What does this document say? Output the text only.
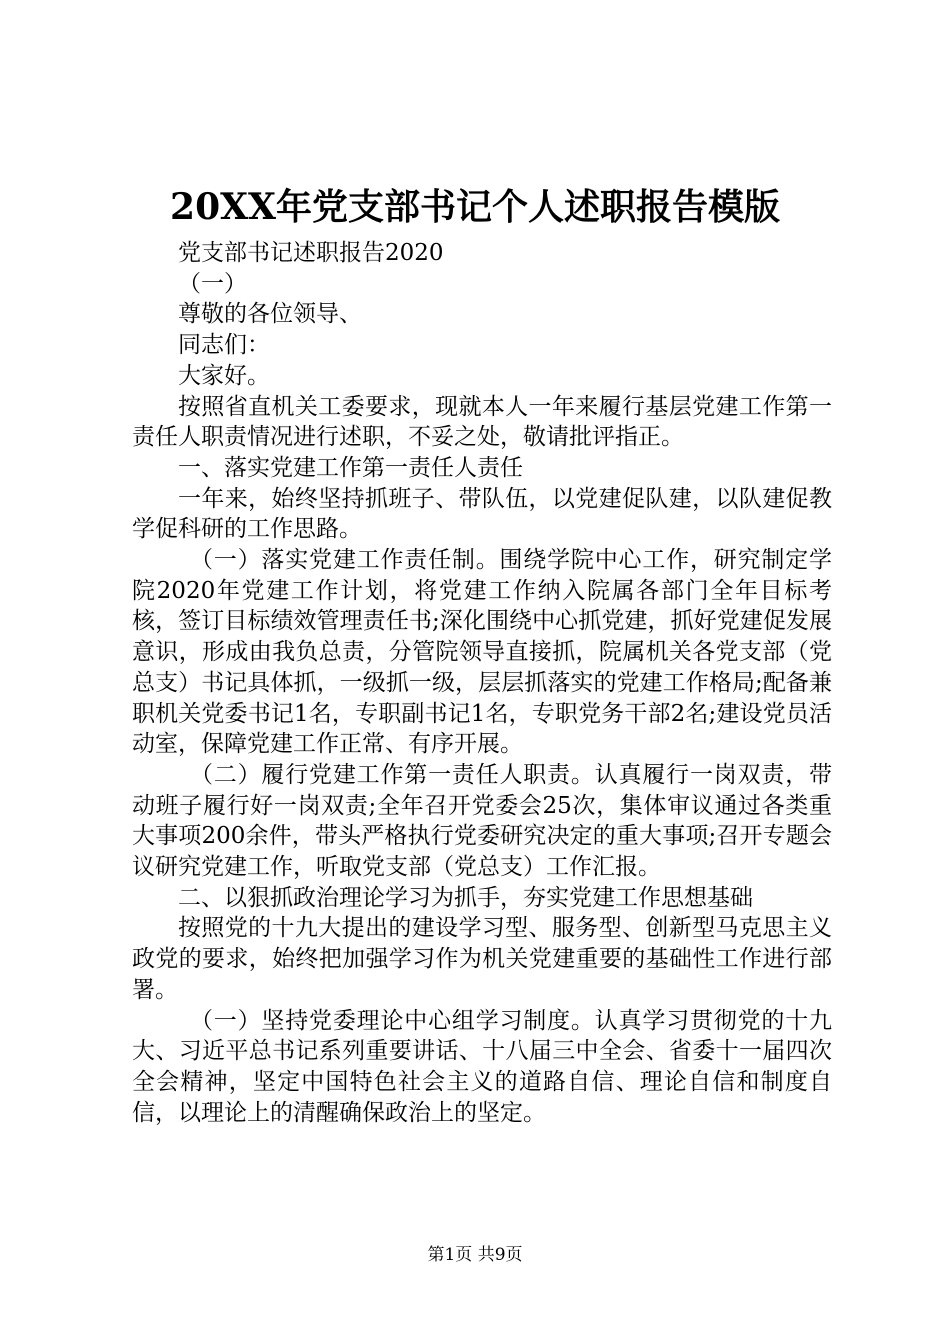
20XX年党支部书记个人述职报告模版

党支部书记述职报告2020

（一）

尊敬的各位领导、

同志们：

大家好。

按照省直机关工委要求，现就本人一年来履行基层党建工作第一责任人职责情况进行述职，不妥之处，敬请批评指正。

一、落实党建工作第一责任人责任

一年来，始终坚持抓班子、带队伍，以党建促队建，以队建促教学促科研的工作思路。

（一）落实党建工作责任制。围绕学院中心工作，研究制定学院2020年党建工作计划，将党建工作纳入院属各部门全年目标考核，签订目标绩效管理责任书;深化围绕中心抓党建，抓好党建促发展意识，形成由我负总责，分管院领导直接抓，院属机关各党支部（党总支）书记具体抓，一级抓一级，层层抓落实的党建工作格局;配备兼职机关党委书记1名，专职副书记1名，专职党务干部2名;建设党员活动室，保障党建工作正常、有序开展。

（二）履行党建工作第一责任人职责。认真履行一岗双责，带动班子履行好一岗双责;全年召开党委会25次，集体审议通过各类重大事项200余件，带头严格执行党委研究决定的重大事项;召开专题会议研究党建工作，听取党支部（党总支）工作汇报。

二、以狠抓政治理论学习为抓手，夯实党建工作思想基础

按照党的十九大提出的建设学习型、服务型、创新型马克思主义政党的要求，始终把加强学习作为机关党建重要的基础性工作进行部署。

（一）坚持党委理论中心组学习制度。认真学习贯彻党的十九大、习近平总书记系列重要讲话、十八届三中全会、省委十一届四次全会精神，坚定中国特色社会主义的道路自信、理论自信和制度自信，以理论上的清醒确保政治上的坚定。

第1页 共9页
